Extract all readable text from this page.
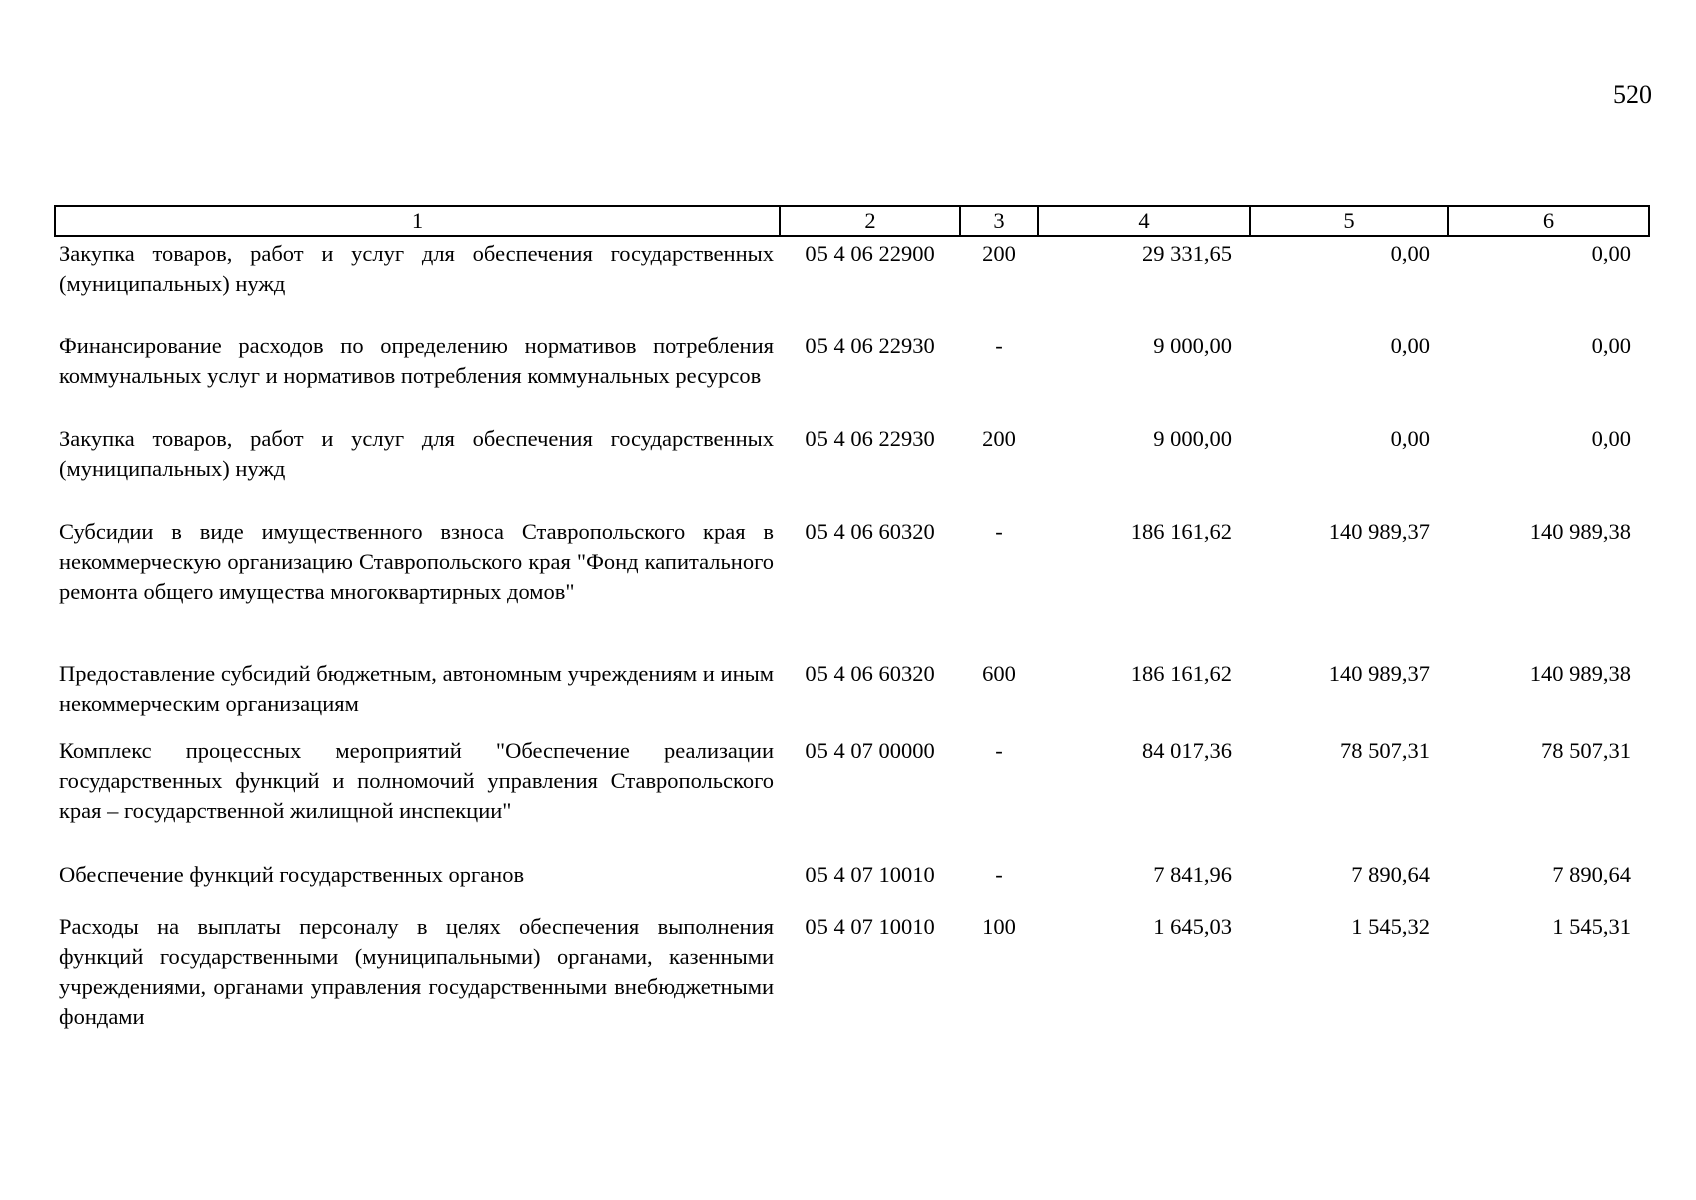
520
1	2	3	4	5	6
Закупка товаров, работ и услуг для обеспечения государственных (муниципальных) нужд	05 4 06 22900	200	29 331,65	0,00	0,00
Финансирование расходов по определению нормативов потребления коммунальных услуг и нормативов потребления коммунальных ресурсов	05 4 06 22930	-	9 000,00	0,00	0,00
Закупка товаров, работ и услуг для обеспечения государственных (муниципальных) нужд	05 4 06 22930	200	9 000,00	0,00	0,00
Субсидии в виде имущественного взноса Ставропольского края в некоммерческую организацию Ставропольского края "Фонд капитального ремонта общего имущества многоквартирных домов"	05 4 06 60320	-	186 161,62	140 989,37	140 989,38
Предоставление субсидий бюджетным, автономным учреждениям и иным некоммерческим организациям	05 4 06 60320	600	186 161,62	140 989,37	140 989,38
Комплекс процессных мероприятий "Обеспечение реализации государственных функций и полномочий управления Ставропольского края – государственной жилищной инспекции"	05 4 07 00000	-	84 017,36	78 507,31	78 507,31
Обеспечение функций государственных органов	05 4 07 10010	-	7 841,96	7 890,64	7 890,64
Расходы на выплаты персоналу в целях обеспечения выполнения функций государственными (муниципальными) органами, казенными учреждениями, органами управления государственными внебюджетными фондами	05 4 07 10010	100	1 645,03	1 545,32	1 545,31
